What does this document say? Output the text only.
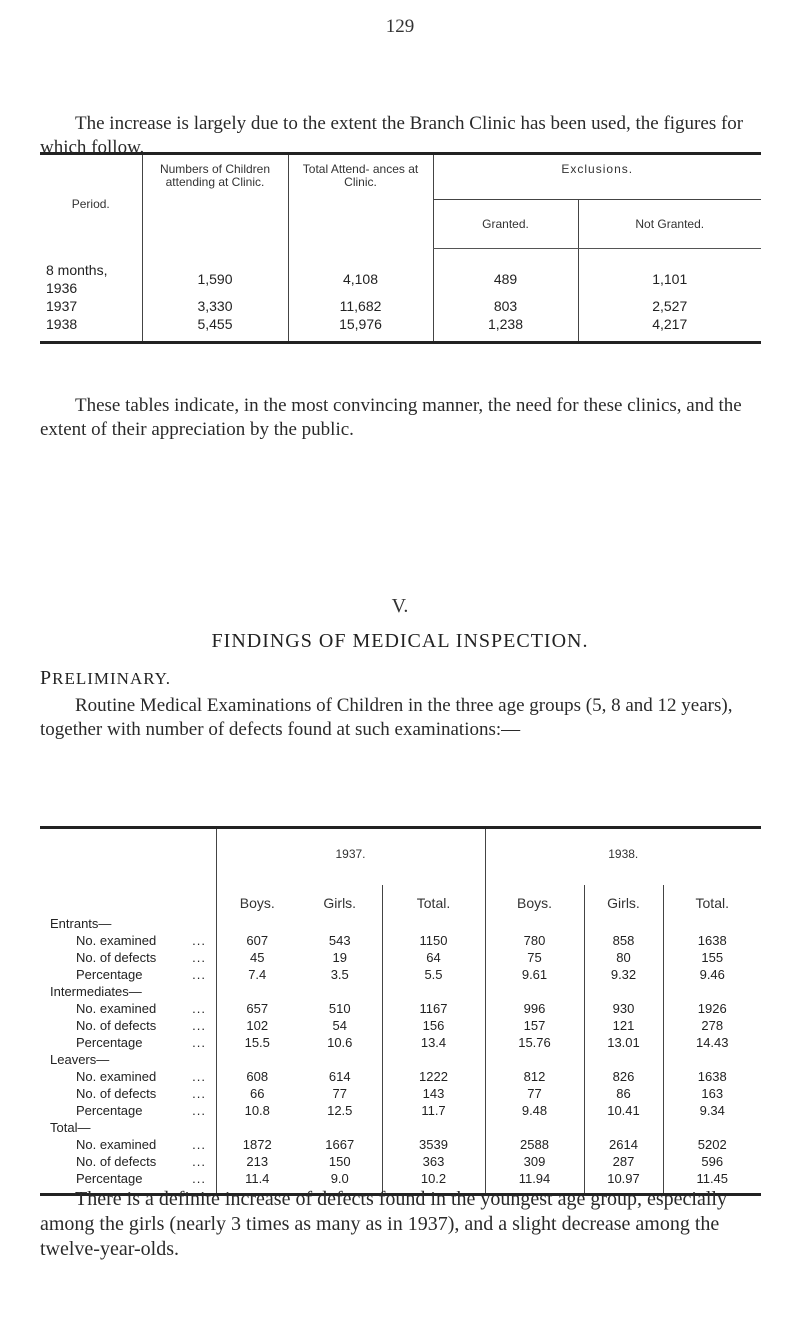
129

The increase is largely due to the extent the Branch Clinic has been used, the figures for which follow.

Period.	Numbers of Children attending at Clinic.	Total Attend- ances at Clinic.	Exclusions.	
			Granted.	Not Granted.
8 months, 1936	1,590	4,108	489	1,101
1937	3,330	11,682	803	2,527
1938	5,455	15,976	1,238	4,217

These tables indicate, in the most convincing manner, the need for these clinics, and the extent of their appreciation by the public.

V.
FINDINGS OF MEDICAL INSPECTION.
PRELIMINARY.

Routine Medical Examinations of Children in the three age groups (5, 8 and 12 years), together with number of defects found at such examinations:—

	1937.			1938.		
	Boys.	Girls.	Total.	Boys.	Girls.	Total.
Entrants—						

No. examined ...	607	543	1150	780	858	1638

No. of defects ...	45	19	64	75	80	155

Percentage ...	7.4	3.5	5.5	9.61	9.32	9.46
Intermediates—						

No. examined ...	657	510	1167	996	930	1926

No. of defects ...	102	54	156	157	121	278

Percentage ...	15.5	10.6	13.4	15.76	13.01	14.43
Leavers—						

No. examined ...	608	614	1222	812	826	1638

No. of defects ...	66	77	143	77	86	163

Percentage ...	10.8	12.5	11.7	9.48	10.41	9.34
Total—						

No. examined ...	1872	1667	3539	2588	2614	5202

No. of defects ...	213	150	363	309	287	596

Percentage ...	11.4	9.0	10.2	11.94	10.97	11.45

There is a definite increase of defects found in the youngest age group, especially among the girls (nearly 3 times as many as in 1937), and a slight decrease among the twelve-year-olds.
